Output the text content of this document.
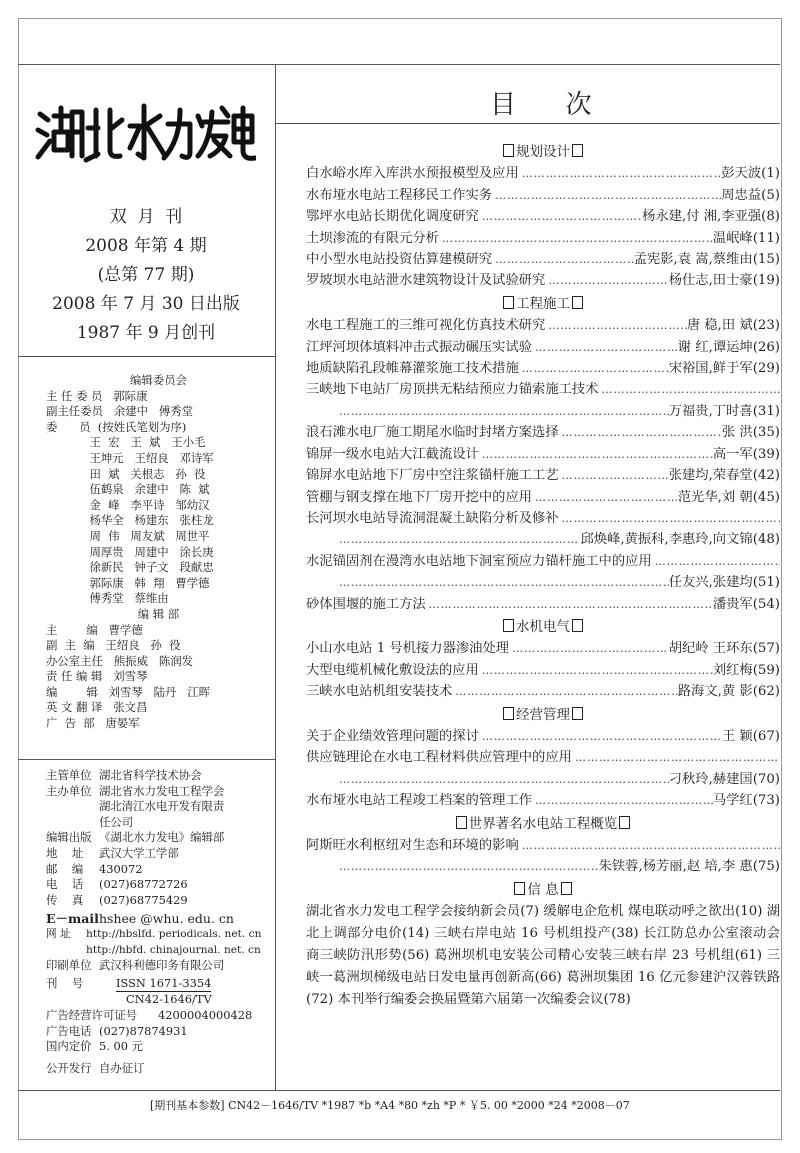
湖北水力发电
双  月  刊
2008 年第 4 期
(总第 77 期)
2008 年 7 月 30 日出版
1987 年 9 月创刊
编辑委员会
主 任 委 员   郭际康
副主任委员   余建中   傅秀堂
委      员  (按姓氏笔划为序)
王  宏   王  斌   王小毛
王坤元   王绍良   邓诗军
田  斌   关根志   孙  役
伍鹤泉   余建中   陈  斌
金  峰   李平诗   邹幼汉
杨华全   杨建东   张柱龙
周  伟   周友斌   周世平
周厚贵   周建中   涂长庚
徐新民   钟子文   段献忠
郭际康   韩  翔   曹学德
傅秀堂   蔡维由
编 辑 部
主        编   曹学德
副  主  编   王绍良   孙  役
办公室主任   熊振威   陈润发
责 任 编 辑   刘雪琴
编        辑   刘雪琴   陆丹   江晖
英 文 翻 译   张文昌
广  告  部   唐晏军
主管单位 湖北省科学技术协会
主办单位 湖北省水力发电工程学会
湖北清江水电开发有限责
任公司
编辑出版 《湖北水力发电》编辑部
地    址	武汉大学工学部
邮    编	430072
电    话	(027)68772726
传    真	(027)68775429
E－mail hshee @whu. edu. cn
网 址	http://hbslfd. periodicals. net. cn
http://hbfd. chinajournal. net. cn
印刷单位 武汉科利德印务有限公司
刊    号	ISSN 1671-3354
CN42-1646/TV
广告经营许可证号	4200004000428
广告电话 (027)87874931
国内定价 5. 00 元
公开发行 自办征订
目      次
规划设计
白水峪水库入库洪水预报模型及应用 ……………………………………………………………………………………………………………………	彭天波(1)
水布垭水电站工程移民工作实务 ……………………………………………………………………………………………………………………	周忠益(5)
鄂坪水电站长期优化调度研究 ……………………………………………………………………………………………………………………	杨永建,付 湘,李亚强(8)
土坝渗流的有限元分析 ……………………………………………………………………………………………………………………	温岷峰(11)
中小型水电站投资估算建模研究 ……………………………………………………………………………………………………………………	孟宪影,袁 嵩,蔡维由(15)
罗坡坝水电站泄水建筑物设计及试验研究 ……………………………………………………………………………………………………………………	杨仕志,田士豪(19)
工程施工
水电工程施工的三维可视化仿真技术研究 ……………………………………………………………………………………………………………………	唐 稳,田 斌(23)
江坪河坝体填料冲击式振动碾压实试验 ……………………………………………………………………………………………………………………	谢 红,谭运坤(26)
地质缺陷孔段帷幕灌浆施工技术措施 ……………………………………………………………………………………………………………………	宋裕国,鲜于军(29)
三峡地下电站厂房顶拱无粘结预应力锚索施工技术
……………………………………………………………………………………………………………………
……………………………………………………………………………………………………………………
万福贵,丁时喜(31)
浪石滩水电厂施工期尾水临时封堵方案选择 ……………………………………………………………………………………………………………………	张 洪(35)
锦屏一级水电站大江截流设计 ……………………………………………………………………………………………………………………	高一军(39)
锦屏水电站地下厂房中空注浆锚杆施工工艺 ……………………………………………………………………………………………………………………	张建均,荣春堂(42)
管棚与钢支撑在地下厂房开挖中的应用 ……………………………………………………………………………………………………………………	范光华,刘 朝(45)
长河坝水电站导流洞混凝土缺陷分析及修补
……………………………………………………………………………………………………………………
……………………………………………………………………………………………………………………
邱焕峰,黄振科,李惠玲,向文锦(48)
水泥锚固剂在漫湾水电站地下洞室预应力锚杆施工中的应用
……………………………………………………………………………………………………………………
……………………………………………………………………………………………………………………
任友兴,张建均(51)
砂体围堰的施工方法 ……………………………………………………………………………………………………………………	潘贵军(54)
水机电气
小山水电站 1 号机接力器渗油处理 ……………………………………………………………………………………………………………………	胡纪岭 王环东(57)
大型电缆机械化敷设法的应用 ……………………………………………………………………………………………………………………	刘红梅(59)
三峡水电站机组安装技术 ……………………………………………………………………………………………………………………	路海文,黄 影(62)
经营管理
关于企业绩效管理问题的探讨 ……………………………………………………………………………………………………………………	王 颖(67)
供应链理论在水电工程材料供应管理中的应用
……………………………………………………………………………………………………………………
……………………………………………………………………………………………………………………
刁秋玲,赫建国(70)
水布垭水电站工程竣工档案的管理工作 ……………………………………………………………………………………………………………………	马学红(73)
世界著名水电站工程概览
阿斯旺水利枢纽对生态和环境的影响
……………………………………………………………………………………………………………………
……………………………………………………………………………………………………………………
朱铁蓉,杨芳丽,赵 培,李 惠(75)
信 息
湖北省水力发电工程学会接纳新会员(7) 缓解电企危机 煤电联动呼之欲出(10) 湖北上调部分电价(14) 三峡右岸电站 16 号机组投产(38) 长江防总办公室滚动会商三峡防汛形势(56) 葛洲坝机电安装公司精心安装三峡右岸 23 号机组(61) 三峡一葛洲坝梯级电站日发电量再创新高(66) 葛洲坝集团 16 亿元参建沪汉蓉铁路(72) 本刊举行编委会换届暨第六届第一次编委会议(78)
[期刊基本参数] CN42－1646/TV *1987 *b *A4 *80 *zh *P * ￥5. 00 *2000 *24 *2008－07
